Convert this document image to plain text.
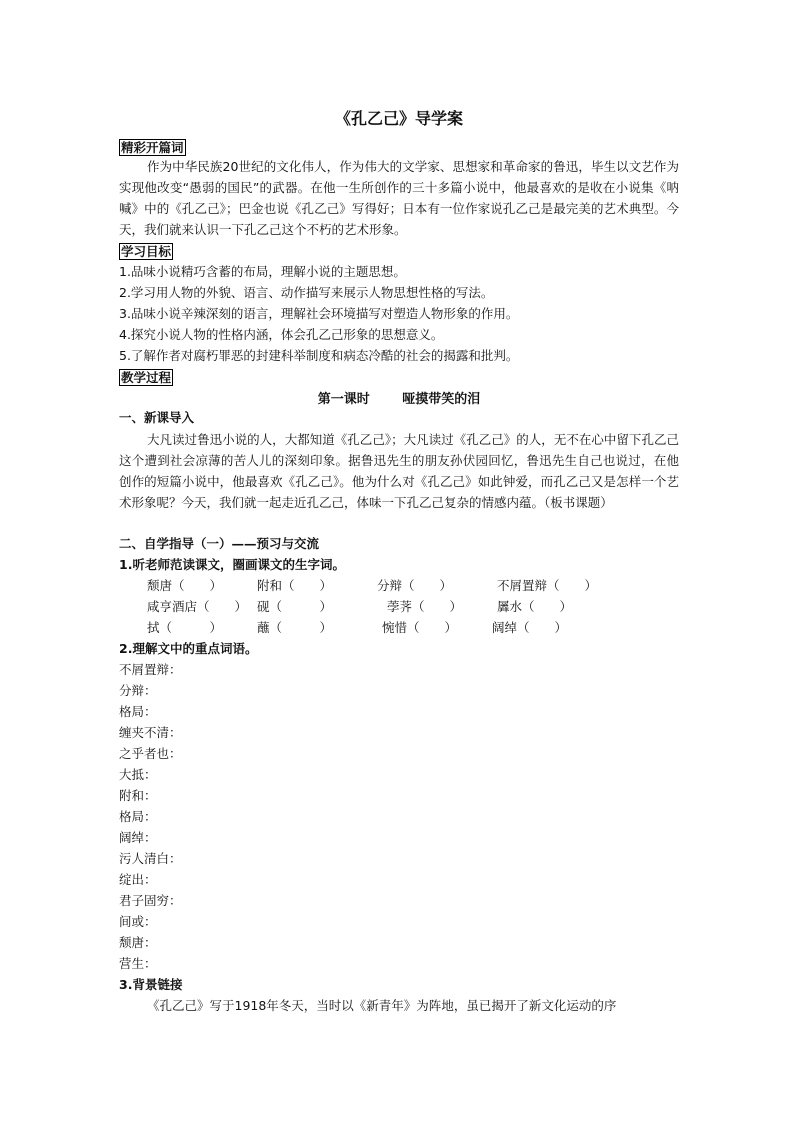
《孔乙己》导学案
精彩开篇词
作为中华民族20世纪的文化伟人，作为伟大的文学家、思想家和革命家的鲁迅，毕生以文艺作为实现他改变“愚弱的国民”的武器。在他一生所创作的三十多篇小说中，他最喜欢的是收在小说集《呐喊》中的《孔乙己》；巴金也说《孔乙己》写得好；日本有一位作家说孔乙己是最完美的艺术典型。今天，我们就来认识一下孔乙己这个不朽的艺术形象。
学习目标
1.品味小说精巧含蓄的布局，理解小说的主题思想。
2.学习用人物的外貌、语言、动作描写来展示人物思想性格的写法。
3.品味小说辛辣深刻的语言，理解社会环境描写对塑造人物形象的作用。
4.探究小说人物的性格内涵，体会孔乙己形象的思想意义。
5.了解作者对腐朽罪恶的封建科举制度和病态冷酷的社会的揭露和批判。
教学过程
第一课时	哑摸带笑的泪
一、新课导入
大凡读过鲁迅小说的人，大都知道《孔乙己》；大凡读过《孔乙己》的人，无不在心中留下孔乙己这个遭到社会凉薄的苦人儿的深刻印象。据鲁迅先生的朋友孙伏园回忆，鲁迅先生自己也说过，在他创作的短篇小说中，他最喜欢《孔乙己》。他为什么对《孔乙己》如此钟爱，而孔乙己又是怎样一个艺术形象呢？今天，我们就一起走近孔乙己，体味一下孔乙己复杂的情感内蕴。（板书课题）
二、自学指导（一）——预习与交流
1.听老师范读课文，圈画课文的生字词。
颓唐（　　）	附和（　　）	分辩（　　）	不屑置辩（　　）
咸亨酒店（　　） 砚（　　　）	荸荠（　　）	羼水（　　）
拭（　　　）	蘸（　　　）	惋惜（　　）	阔绰（　　）
2.理解文中的重点词语。
不屑置辩：
分辩：
格局：
缠夹不清：
之乎者也：
大抵：
附和：
格局：
阔绰：
污人清白：
绽出：
君子固穷：
间或：
颓唐：
营生：
3.背景链接
《孔乙己》写于1918年冬天，当时以《新青年》为阵地，虽已揭开了新文化运动的序
